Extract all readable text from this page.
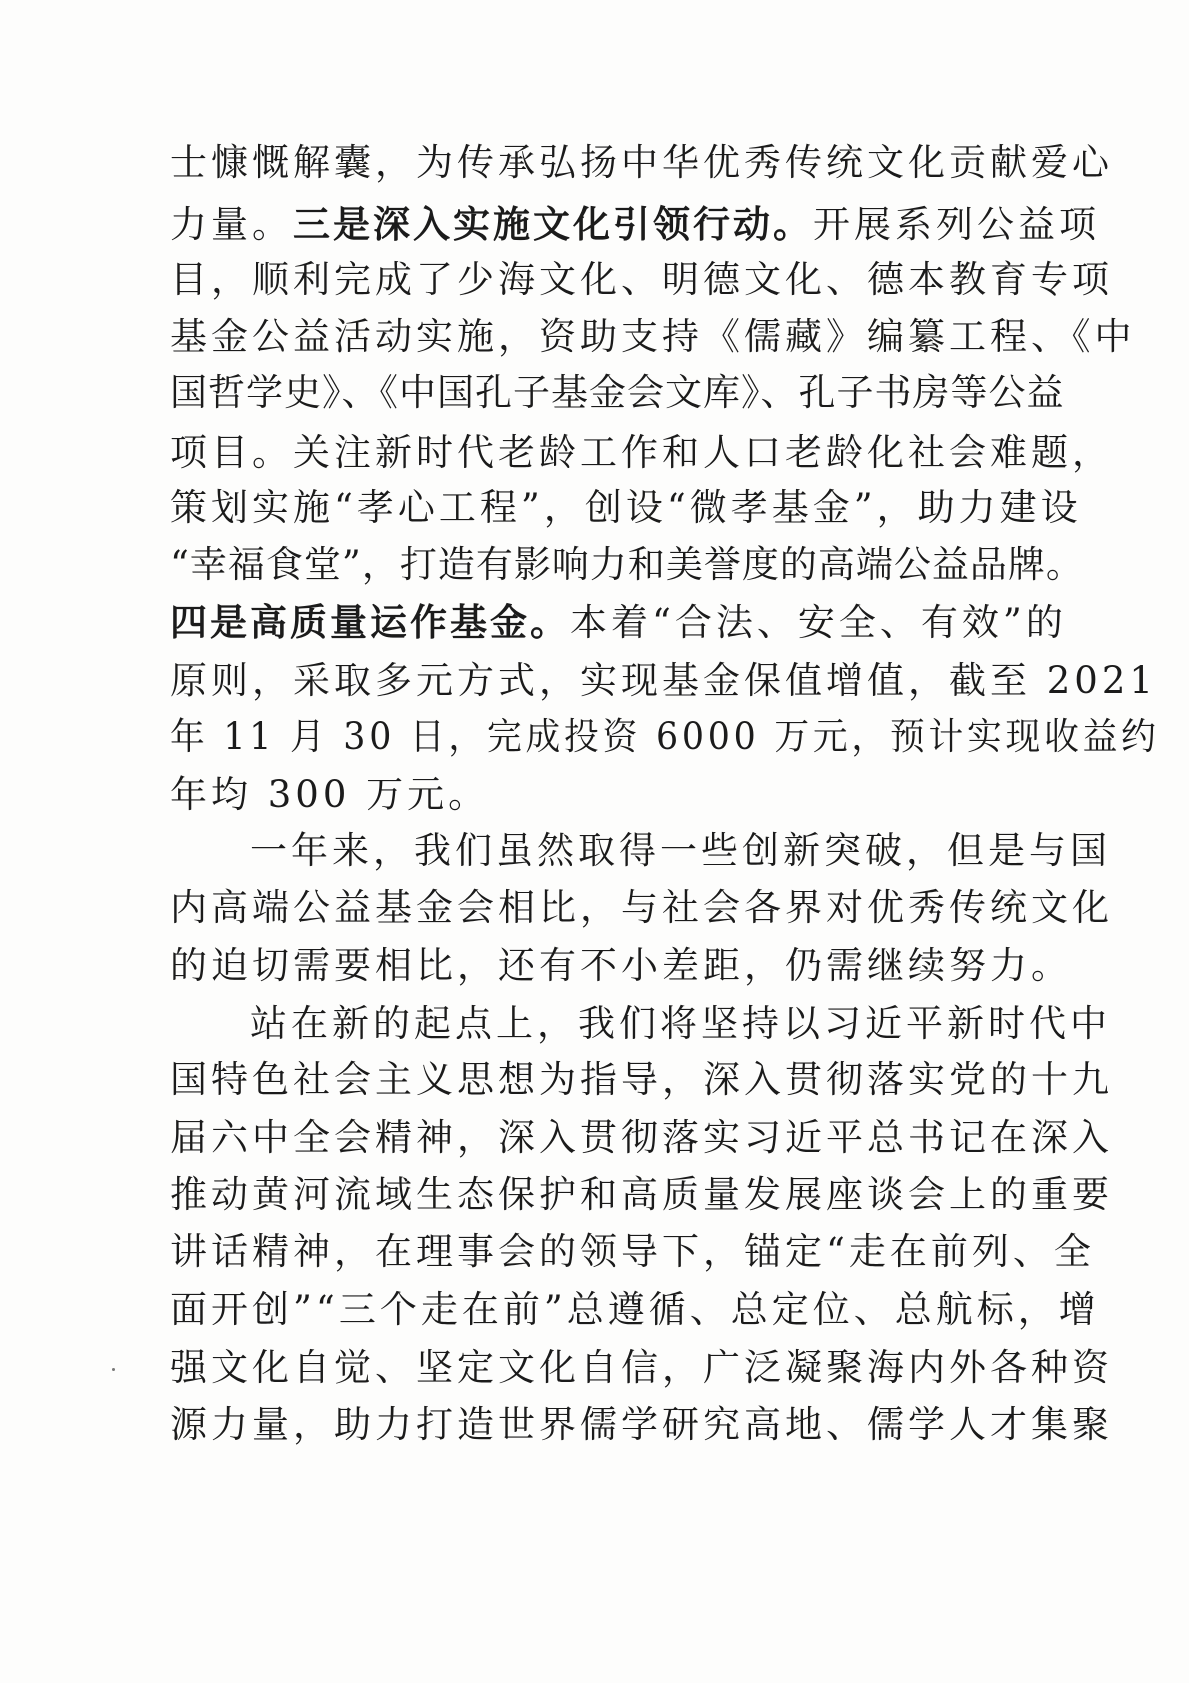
士慷慨解囊，为传承弘扬中华优秀传统文化贡献爱心
力量。三是深入实施文化引领行动。开展系列公益项
目，顺利完成了少海文化、明德文化、德本教育专项
基金公益活动实施，资助支持《儒藏》编纂工程、《中
国哲学史》、《中国孔子基金会文库》、孔子书房等公益
项目。关注新时代老龄工作和人口老龄化社会难题，
策划实施“孝心工程”，创设“微孝基金”，助力建设
“幸福食堂”，打造有影响力和美誉度的高端公益品牌。
四是高质量运作基金。本着“合法、安全、有效”的
原则，采取多元方式，实现基金保值增值，截至 2021
年 11 月 30 日，完成投资 6000 万元，预计实现收益约
年均 300 万元。
一年来，我们虽然取得一些创新突破，但是与国
内高端公益基金会相比，与社会各界对优秀传统文化
的迫切需要相比，还有不小差距，仍需继续努力。
站在新的起点上，我们将坚持以习近平新时代中
国特色社会主义思想为指导，深入贯彻落实党的十九
届六中全会精神，深入贯彻落实习近平总书记在深入
推动黄河流域生态保护和高质量发展座谈会上的重要
讲话精神，在理事会的领导下，锚定“走在前列、全
面开创”“三个走在前”总遵循、总定位、总航标，增
强文化自觉、坚定文化自信，广泛凝聚海内外各种资
源力量，助力打造世界儒学研究高地、儒学人才集聚
